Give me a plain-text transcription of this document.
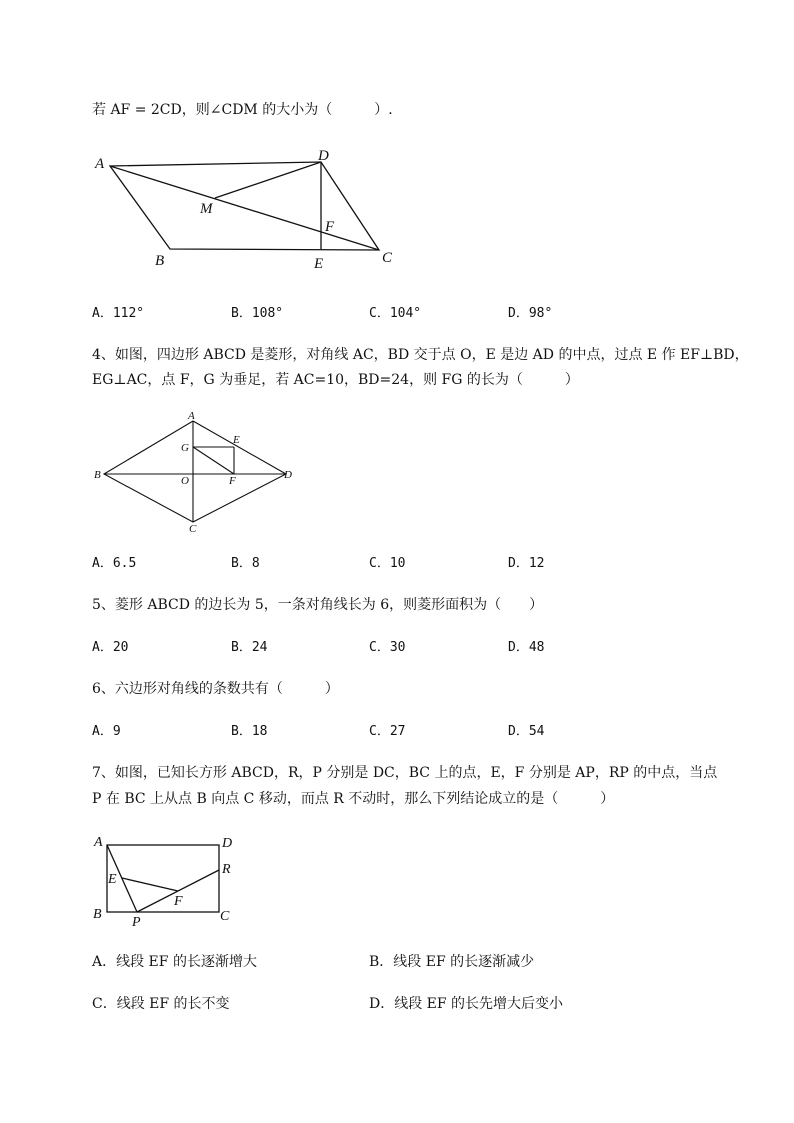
若 AF = 2CD，则∠CDM 的大小为（　　　）.
A	D
M
F
B	E	C
A．112°	B．108°	C．104°	D．98°
4、如图，四边形 ABCD 是菱形，对角线 AC，BD 交于点 O，E 是边 AD 的中点，过点 E 作 EF⊥BD，
EG⊥AC，点 F，G 为垂足，若 AC=10，BD=24，则 FG 的长为（　　　）
A
E
G
B	D
O	F
C
A．6.5	B．8	C．10	D．12
5、菱形 ABCD 的边长为 5，一条对角线长为 6，则菱形面积为（　　）
A．20	B．24	C．30	D．48
6、六边形对角线的条数共有（　　　）
A．9	B．18	C．27	D．54
7、如图，已知长方形 ABCD，R，P 分别是 DC，BC 上的点，E，F 分别是 AP，RP 的中点，当点
P 在 BC 上从点 B 向点 C 移动，而点 R 不动时，那么下列结论成立的是（　　　）
A	D
E
R
F
B
P	C
A．线段 EF 的长逐渐增大	B．线段 EF 的长逐渐减少
C．线段 EF 的长不变	D．线段 EF 的长先增大后变小
